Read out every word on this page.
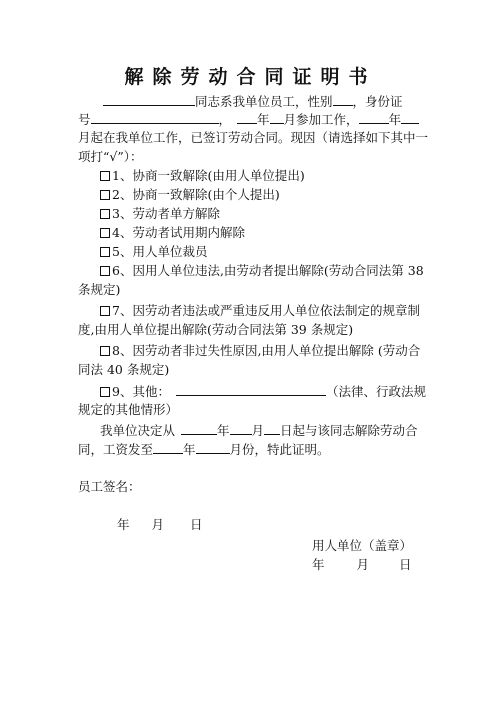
解除劳动合同证明书
同志系我单位员工，性别 ，身份证
号	， 年 月参加工作， 年
月起在我单位工作，已签订劳动合同。现因（请选择如下其中一
项打“√”）：
1、协商一致解除(由用人单位提出)
2、协商一致解除(由个人提出)
3、劳动者单方解除
4、劳动者试用期内解除
5、用人单位裁员
6、因用人单位违法,由劳动者提出解除(劳动合同法第 38
条规定)
7、因劳动者违法或严重违反用人单位依法制定的规章制
度,由用人单位提出解除(劳动合同法第 39 条规定)
8、因劳动者非过失性原因,由用人单位提出解除 (劳动合
同法 40 条规定)
9、其他：	（法律、行政法规
规定的其他情形）
我单位决定从	年 月 日起与该同志解除劳动合
同，工资发至 年	月份，特此证明。
员工签名：
年 月 日
用人单位（盖章）
年	月 日
